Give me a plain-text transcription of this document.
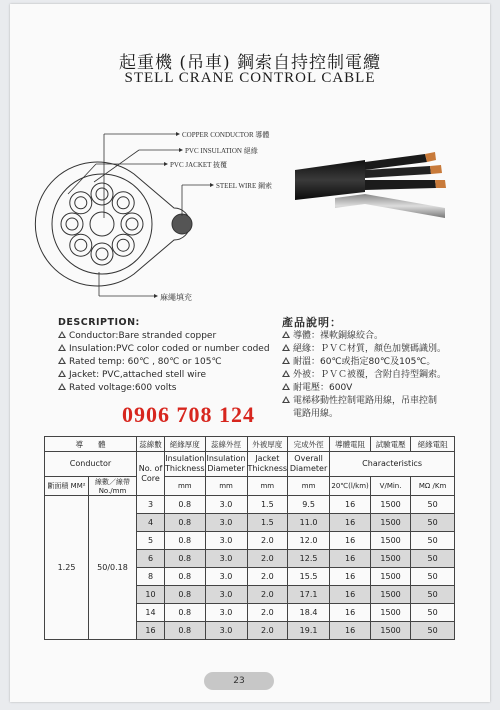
起重機 (吊車) 鋼索自持控制電纜
STELL CRANE CONTROL CABLE
COPPER CONDUCTOR 導體
PVC INSULATION 絕緣
PVC JACKET 披覆
STEEL WIRE 鋼索
麻繩填充
DESCRIPTION:
Conductor:Bare stranded copper
Insulation:PVC color coded or number coded
Rated temp: 60℃ , 80℃ or 105℃
Jacket: PVC,attached stell wire
Rated voltage:600 volts
產品說明：
導體：裸軟銅線絞合。
絕緣：ＰＶＣ材質，顏色加號碼識別。
耐溫：60℃或指定80℃及105℃。
外被：ＰＶＣ被覆，含附自持型鋼索。
耐電壓：600V
電梯移動性控制電路用線，吊車控制
電路用線。
0906 708 124
導　　體		蕊線數	絕緣厚度	蕊線外徑	外被厚度	完成外徑	導體電阻	試驗電壓	絕緣電阻
Conductor		No. of Core	Insulation Thickness	Insulation Diameter	Jacket Thickness	Overall Diameter	Characteristics		
斷面積 MM²	線數／線帶 No./mm		mm	mm	mm	mm	20℃(l/km)	V/Min.	MΩ /Km
1.25	50/0.18	3	0.8	3.0	1.5	9.5	16	1500	50
		4	0.8	3.0	1.5	11.0	16	1500	50
		5	0.8	3.0	2.0	12.0	16	1500	50
		6	0.8	3.0	2.0	12.5	16	1500	50
		8	0.8	3.0	2.0	15.5	16	1500	50
		10	0.8	3.0	2.0	17.1	16	1500	50
		14	0.8	3.0	2.0	18.4	16	1500	50
		16	0.8	3.0	2.0	19.1	16	1500	50
23
